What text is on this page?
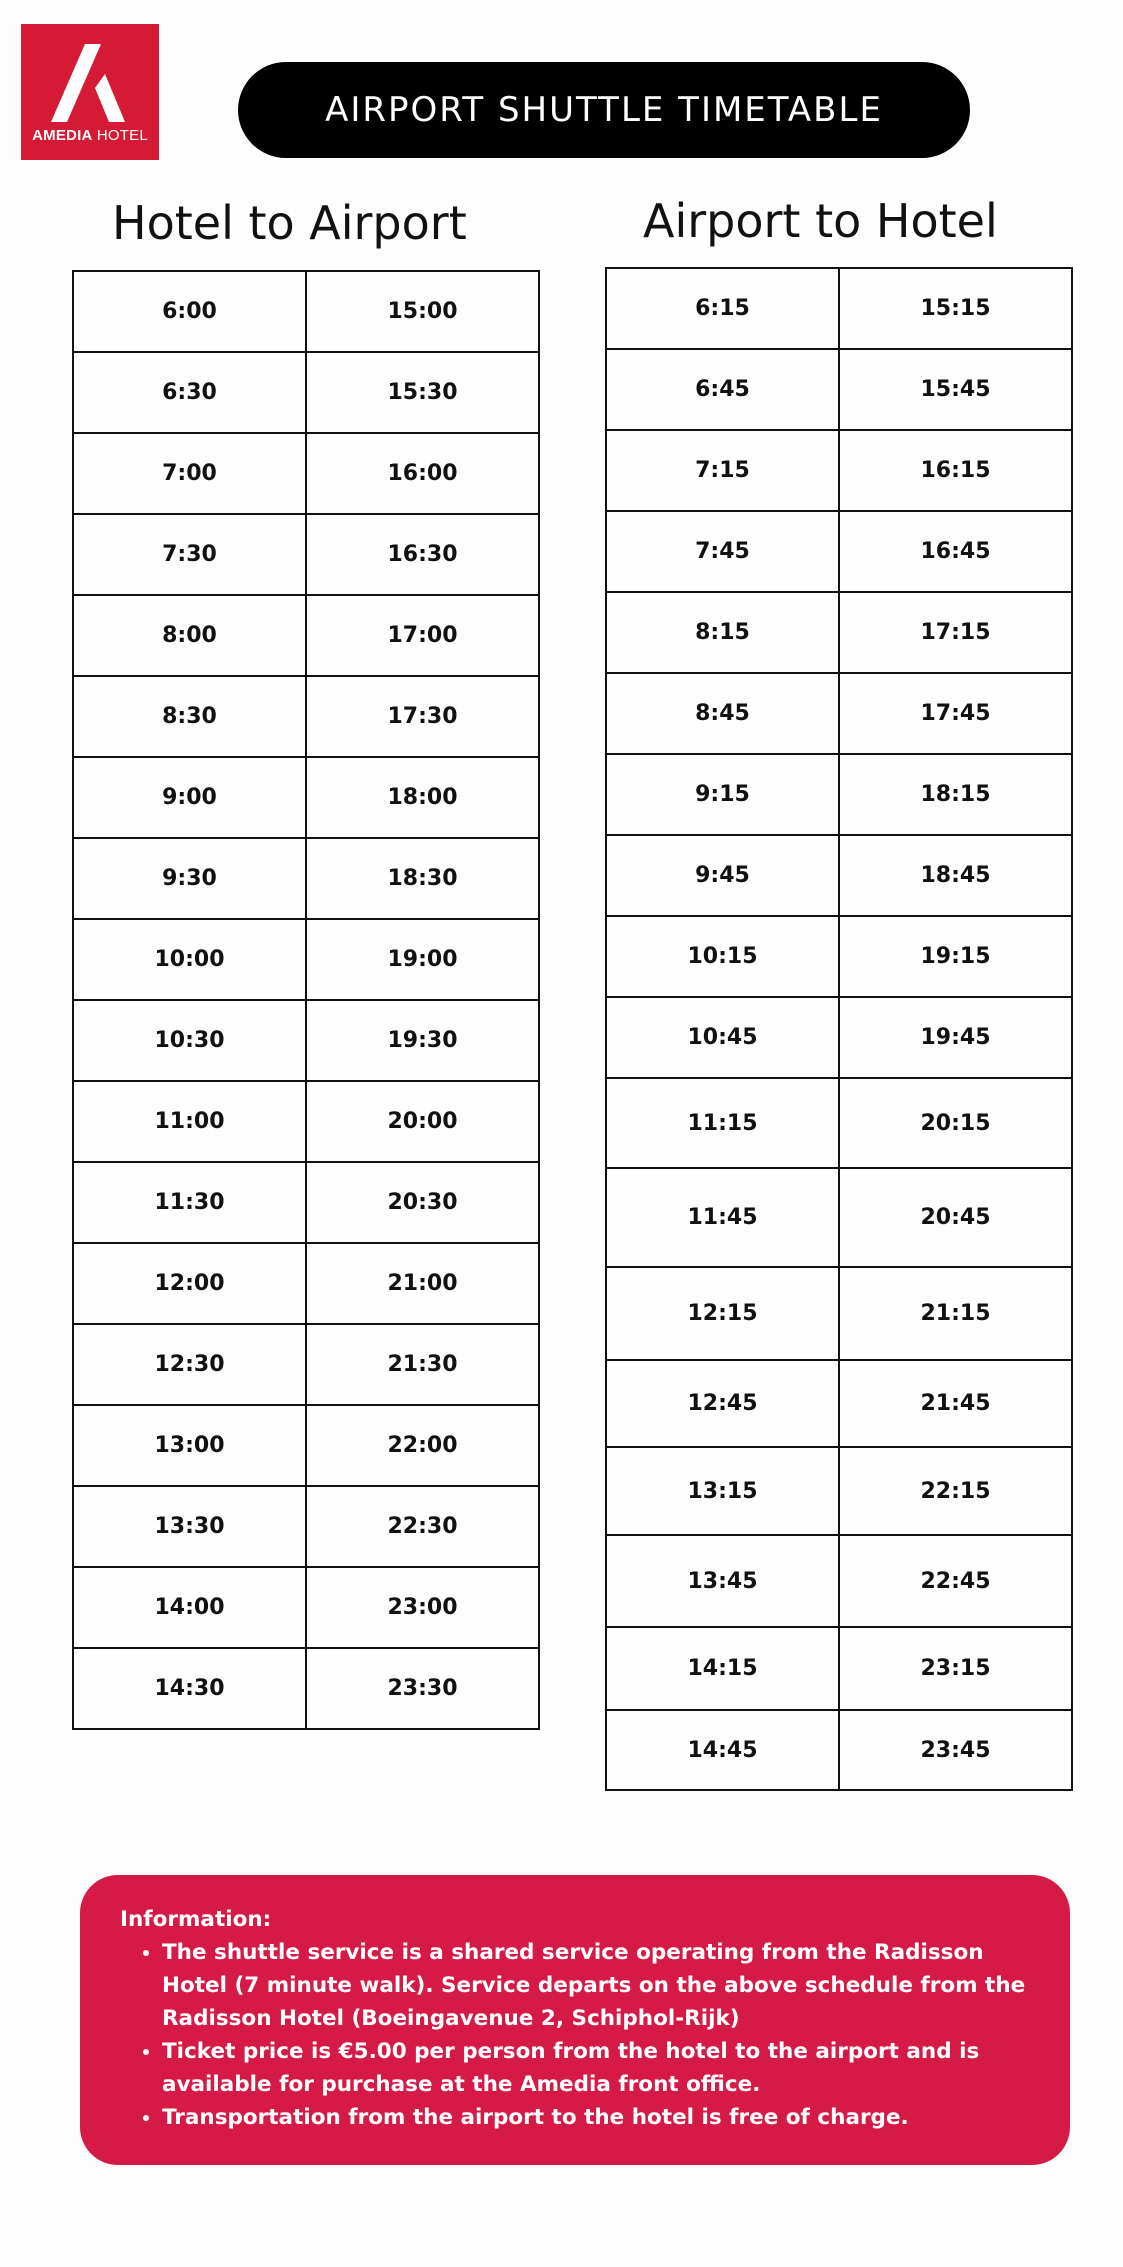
AMEDIA HOTEL
AIRPORT SHUTTLE TIMETABLE
Hotel to Airport	Airport to Hotel
6:00	15:00
6:30	15:30
7:00	16:00
7:30	16:30
8:00	17:00
8:30	17:30
9:00	18:00
9:30	18:30
10:00	19:00
10:30	19:30
11:00	20:00
11:30	20:30
12:00	21:00
12:30	21:30
13:00	22:00
13:30	22:30
14:00	23:00
14:30	23:30
6:15	15:15
6:45	15:45
7:15	16:15
7:45	16:45
8:15	17:15
8:45	17:45
9:15	18:15
9:45	18:45
10:15	19:15
10:45	19:45
11:15	20:15
11:45	20:45
12:15	21:15
12:45	21:45
13:15	22:15
13:45	22:45
14:15	23:15
14:45	23:45
Information:
• The shuttle service is a shared service operating from the Radisson Hotel (7 minute walk). Service departs on the above schedule from the Radisson Hotel (Boeingavenue 2, Schiphol-Rijk)
• Ticket price is €5.00 per person from the hotel to the airport and is available for purchase at the Amedia front office.
• Transportation from the airport to the hotel is free of charge.
